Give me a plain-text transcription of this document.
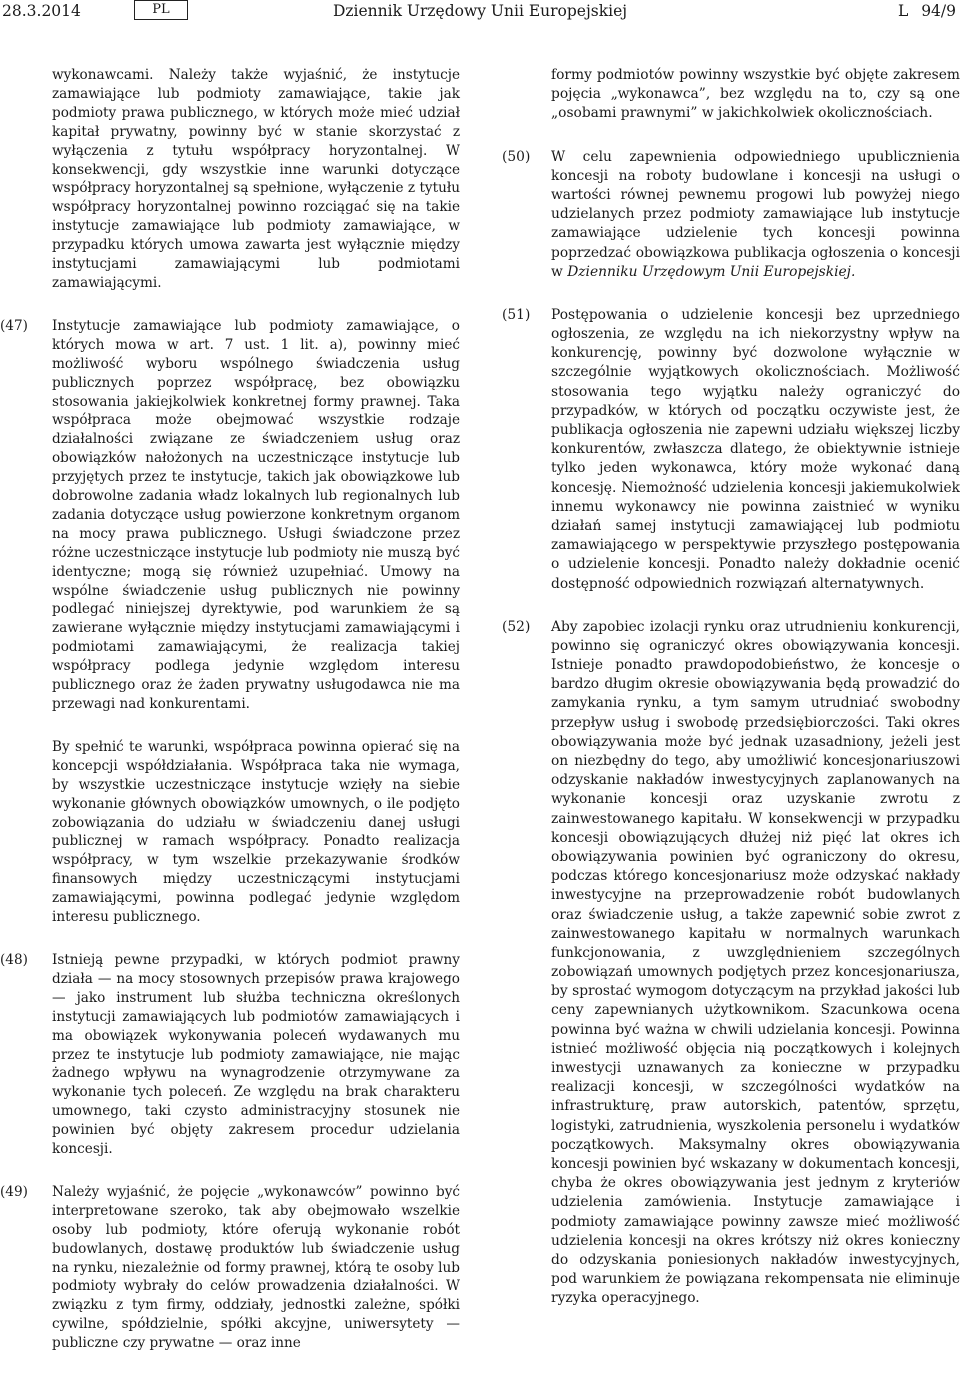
28.3.2014	PL	Dziennik Urzędowy Unii Europejskiej	L 94/9

wykonawcami. Należy także wyjaśnić, że instytucje zamawiające lub podmioty zamawiające, takie jak podmioty prawa publicznego, w których może mieć udział kapitał prywatny, powinny być w stanie skorzystać z wyłączenia z tytułu współpracy horyzontalnej. W konsekwencji, gdy wszystkie inne warunki dotyczące współpracy horyzontalnej są spełnione, wyłączenie z tytułu współpracy horyzontalnej powinno rozciągać się na takie instytucje zamawiające lub podmioty zamawiające, w przypadku których umowa zawarta jest wyłącznie między instytucjami zamawiającymi lub podmiotami zamawiającymi.

(47) Instytucje zamawiające lub podmioty zamawiające, o których mowa w art. 7 ust. 1 lit. a), powinny mieć możliwość wyboru wspólnego świadczenia usług publicznych poprzez współpracę, bez obowiązku stosowania jakiejkolwiek konkretnej formy prawnej. Taka współpraca może obejmować wszystkie rodzaje działalności związane ze świadczeniem usług oraz obowiązków nałożonych na uczestniczące instytucje lub przyjętych przez te instytucje, takich jak obowiązkowe lub dobrowolne zadania władz lokalnych lub regionalnych lub zadania dotyczące usług powierzone konkretnym organom na mocy prawa publicznego. Usługi świadczone przez różne uczestniczące instytucje lub podmioty nie muszą być identyczne; mogą się również uzupełniać. Umowy na wspólne świadczenie usług publicznych nie powinny podlegać niniejszej dyrektywie, pod warunkiem że są zawierane wyłącznie między instytucjami zamawiającymi i podmiotami zamawiającymi, że realizacja takiej współpracy podlega jedynie względom interesu publicznego oraz że żaden prywatny usługodawca nie ma przewagi nad konkurentami.

By spełnić te warunki, współpraca powinna opierać się na koncepcji współdziałania. Współpraca taka nie wymaga, by wszystkie uczestniczące instytucje wzięły na siebie wykonanie głównych obowiązków umownych, o ile podjęto zobowiązania do udziału w świadczeniu danej usługi publicznej w ramach współpracy. Ponadto realizacja współpracy, w tym wszelkie przekazywanie środków finansowych między uczestniczącymi instytucjami zamawiającymi, powinna podlegać jedynie względom interesu publicznego.

(48) Istnieją pewne przypadki, w których podmiot prawny działa — na mocy stosownych przepisów prawa krajowego — jako instrument lub służba techniczna określonych instytucji zamawiających lub podmiotów zamawiających i ma obowiązek wykonywania poleceń wydawanych mu przez te instytucje lub podmioty zamawiające, nie mając żadnego wpływu na wynagrodzenie otrzymywane za wykonanie tych poleceń. Ze względu na brak charakteru umownego, taki czysto administracyjny stosunek nie powinien być objęty zakresem procedur udzielania koncesji.

(49) Należy wyjaśnić, że pojęcie „wykonawców” powinno być interpretowane szeroko, tak aby obejmowało wszelkie osoby lub podmioty, które oferują wykonanie robót budowlanych, dostawę produktów lub świadczenie usług na rynku, niezależnie od formy prawnej, którą te osoby lub podmioty wybrały do celów prowadzenia działalności. W związku z tym firmy, oddziały, jednostki zależne, spółki cywilne, spółdzielnie, spółki akcyjne, uniwersytety — publiczne czy prywatne — oraz inne

formy podmiotów powinny wszystkie być objęte zakresem pojęcia „wykonawca”, bez względu na to, czy są one „osobami prawnymi” w jakichkolwiek okolicznościach.

(50) W celu zapewnienia odpowiedniego upublicznienia koncesji na roboty budowlane i koncesji na usługi o wartości równej pewnemu progowi lub powyżej niego udzielanych przez podmioty zamawiające lub instytucje zamawiające udzielenie tych koncesji powinna poprzedzać obowiązkowa publikacja ogłoszenia o koncesji w Dzienniku Urzędowym Unii Europejskiej.

(51) Postępowania o udzielenie koncesji bez uprzedniego ogłoszenia, ze względu na ich niekorzystny wpływ na konkurencję, powinny być dozwolone wyłącznie w szczególnie wyjątkowych okolicznościach. Możliwość stosowania tego wyjątku należy ograniczyć do przypadków, w których od początku oczywiste jest, że publikacja ogłoszenia nie zapewni udziału większej liczby konkurentów, zwłaszcza dlatego, że obiektywnie istnieje tylko jeden wykonawca, który może wykonać daną koncesję. Niemożność udzielenia koncesji jakiemukolwiek innemu wykonawcy nie powinna zaistnieć w wyniku działań samej instytucji zamawiającej lub podmiotu zamawiającego w perspektywie przyszłego postępowania o udzielenie koncesji. Ponadto należy dokładnie ocenić dostępność odpowiednich rozwiązań alternatywnych.

(52) Aby zapobiec izolacji rynku oraz utrudnieniu konkurencji, powinno się ograniczyć okres obowiązywania koncesji. Istnieje ponadto prawdopodobieństwo, że koncesje o bardzo długim okresie obowiązywania będą prowadzić do zamykania rynku, a tym samym utrudniać swobodny przepływ usług i swobodę przedsiębiorczości. Taki okres obowiązywania może być jednak uzasadniony, jeżeli jest on niezbędny do tego, aby umożliwić koncesjonariuszowi odzyskanie nakładów inwestycyjnych zaplanowanych na wykonanie koncesji oraz uzyskanie zwrotu z zainwestowanego kapitału. W konsekwencji w przypadku koncesji obowiązujących dłużej niż pięć lat okres ich obowiązywania powinien być ograniczony do okresu, podczas którego koncesjonariusz może odzyskać nakłady inwestycyjne na przeprowadzenie robót budowlanych oraz świadczenie usług, a także zapewnić sobie zwrot z zainwestowanego kapitału w normalnych warunkach funkcjonowania, z uwzględnieniem szczególnych zobowiązań umownych podjętych przez koncesjonariusza, by sprostać wymogom dotyczącym na przykład jakości lub ceny zapewnianych użytkownikom. Szacunkowa ocena powinna być ważna w chwili udzielania koncesji. Powinna istnieć możliwość objęcia nią początkowych i kolejnych inwestycji uznawanych za konieczne w przypadku realizacji koncesji, w szczególności wydatków na infrastrukturę, praw autorskich, patentów, sprzętu, logistyki, zatrudnienia, wyszkolenia personelu i wydatków początkowych. Maksymalny okres obowiązywania koncesji powinien być wskazany w dokumentach koncesji, chyba że okres obowiązywania jest jednym z kryteriów udzielenia zamówienia. Instytucje zamawiające i podmioty zamawiające powinny zawsze mieć możliwość udzielenia koncesji na okres krótszy niż okres konieczny do odzyskania poniesionych nakładów inwestycyjnych, pod warunkiem że powiązana rekompensata nie eliminuje ryzyka operacyjnego.
